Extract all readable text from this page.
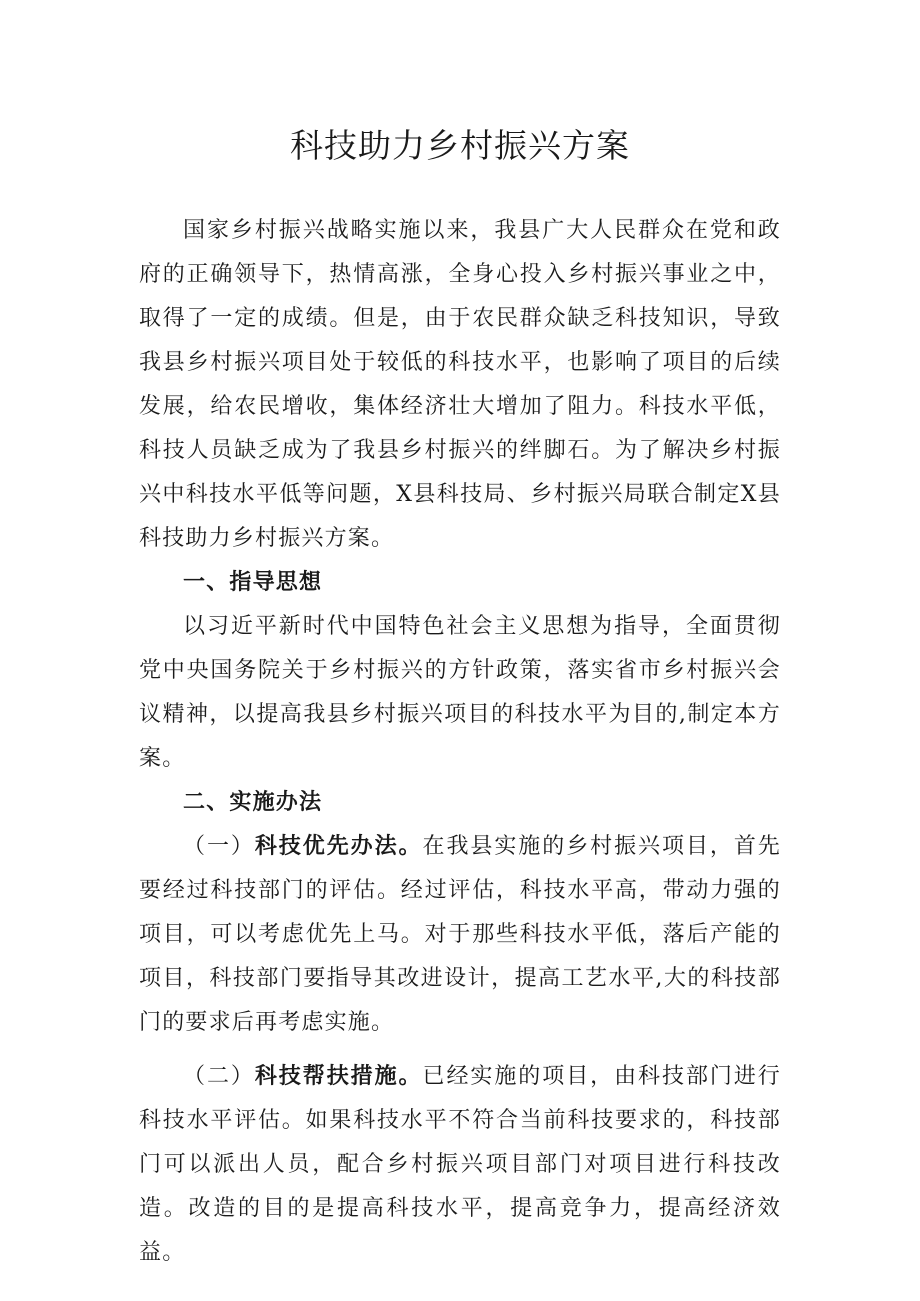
科技助力乡村振兴方案

国家乡村振兴战略实施以来，我县广大人民群众在党和政府的正确领导下，热情高涨，全身心投入乡村振兴事业之中，取得了一定的成绩。但是，由于农民群众缺乏科技知识，导致我县乡村振兴项目处于较低的科技水平，也影响了项目的后续发展，给农民增收，集体经济壮大增加了阻力。科技水平低，科技人员缺乏成为了我县乡村振兴的绊脚石。为了解决乡村振兴中科技水平低等问题，X县科技局、乡村振兴局联合制定X县科技助力乡村振兴方案。

一、指导思想

以习近平新时代中国特色社会主义思想为指导，全面贯彻党中央国务院关于乡村振兴的方针政策，落实省市乡村振兴会议精神，以提高我县乡村振兴项目的科技水平为目的,制定本方案。

二、实施办法

（一）科技优先办法。在我县实施的乡村振兴项目，首先要经过科技部门的评估。经过评估，科技水平高，带动力强的项目，可以考虑优先上马。对于那些科技水平低，落后产能的项目，科技部门要指导其改进设计，提高工艺水平,大的科技部门的要求后再考虑实施。

（二）科技帮扶措施。已经实施的项目，由科技部门进行科技水平评估。如果科技水平不符合当前科技要求的，科技部门可以派出人员，配合乡村振兴项目部门对项目进行科技改造。改造的目的是提高科技水平，提高竞争力，提高经济效益。
